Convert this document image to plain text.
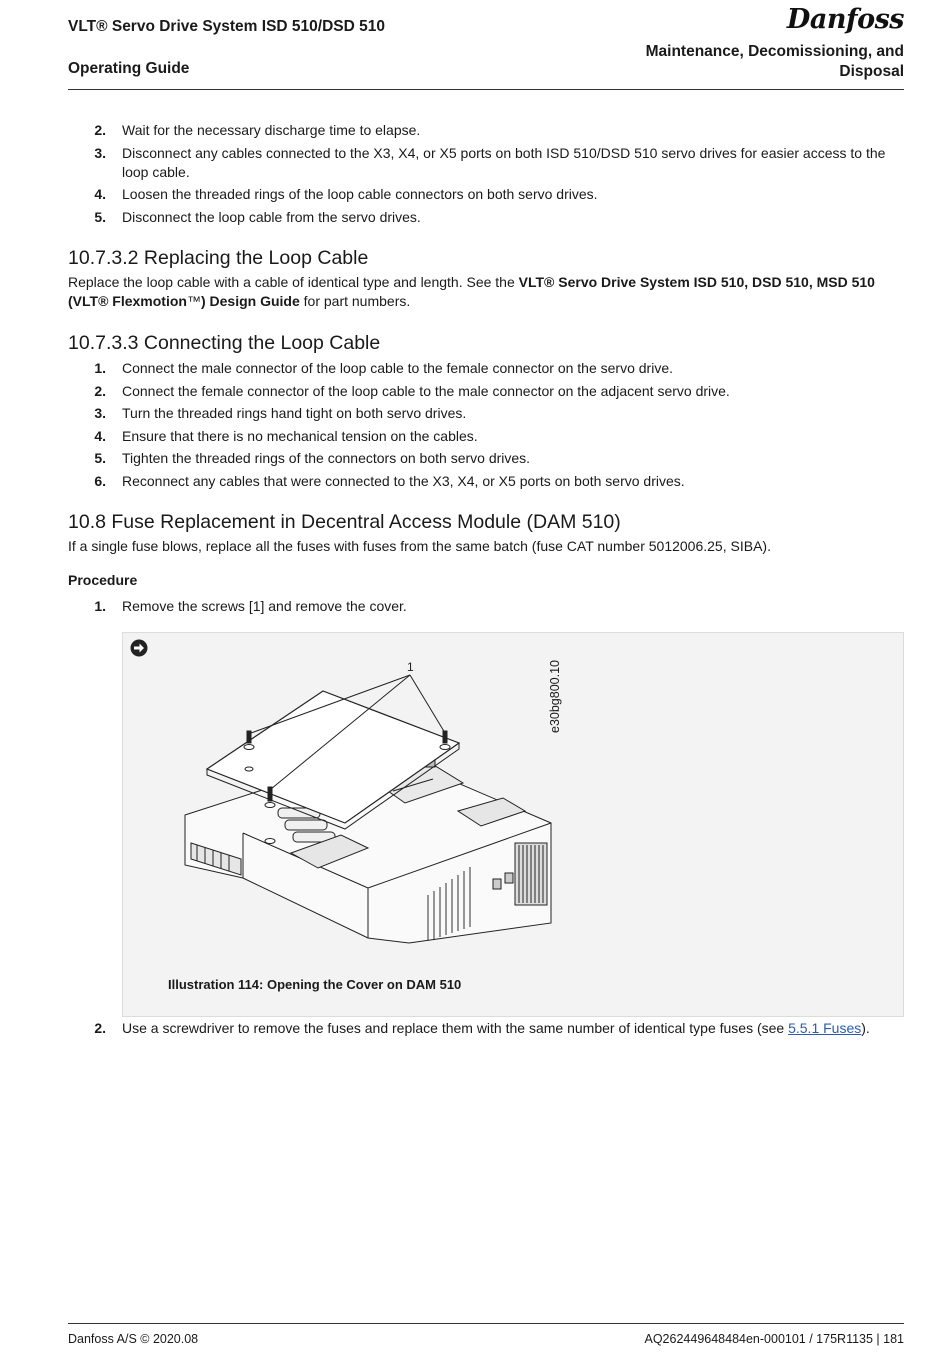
VLT® Servo Drive System ISD 510/DSD 510
Operating Guide
Danfoss
Maintenance, Decomissioning, and Disposal
2.	Wait for the necessary discharge time to elapse.
3.	Disconnect any cables connected to the X3, X4, or X5 ports on both ISD 510/DSD 510 servo drives for easier access to the loop cable.
4.	Loosen the threaded rings of the loop cable connectors on both servo drives.
5.	Disconnect the loop cable from the servo drives.
10.7.3.2 Replacing the Loop Cable
Replace the loop cable with a cable of identical type and length. See the VLT® Servo Drive System ISD 510, DSD 510, MSD 510 (VLT® Flexmotion™) Design Guide for part numbers.
10.7.3.3 Connecting the Loop Cable
1.	Connect the male connector of the loop cable to the female connector on the servo drive.
2.	Connect the female connector of the loop cable to the male connector on the adjacent servo drive.
3.	Turn the threaded rings hand tight on both servo drives.
4.	Ensure that there is no mechanical tension on the cables.
5.	Tighten the threaded rings of the connectors on both servo drives.
6.	Reconnect any cables that were connected to the X3, X4, or X5 ports on both servo drives.
10.8 Fuse Replacement in Decentral Access Module (DAM 510)
If a single fuse blows, replace all the fuses with fuses from the same batch (fuse CAT number 5012006.25, SIBA).
Procedure
1.	Remove the screws [1] and remove the cover.
1	e30bg800.10
Illustration 114: Opening the Cover on DAM 510
2.	Use a screwdriver to remove the fuses and replace them with the same number of identical type fuses (see 5.5.1 Fuses).
Danfoss A/S © 2020.08	AQ262449648484en-000101 / 175R1135 | 181
